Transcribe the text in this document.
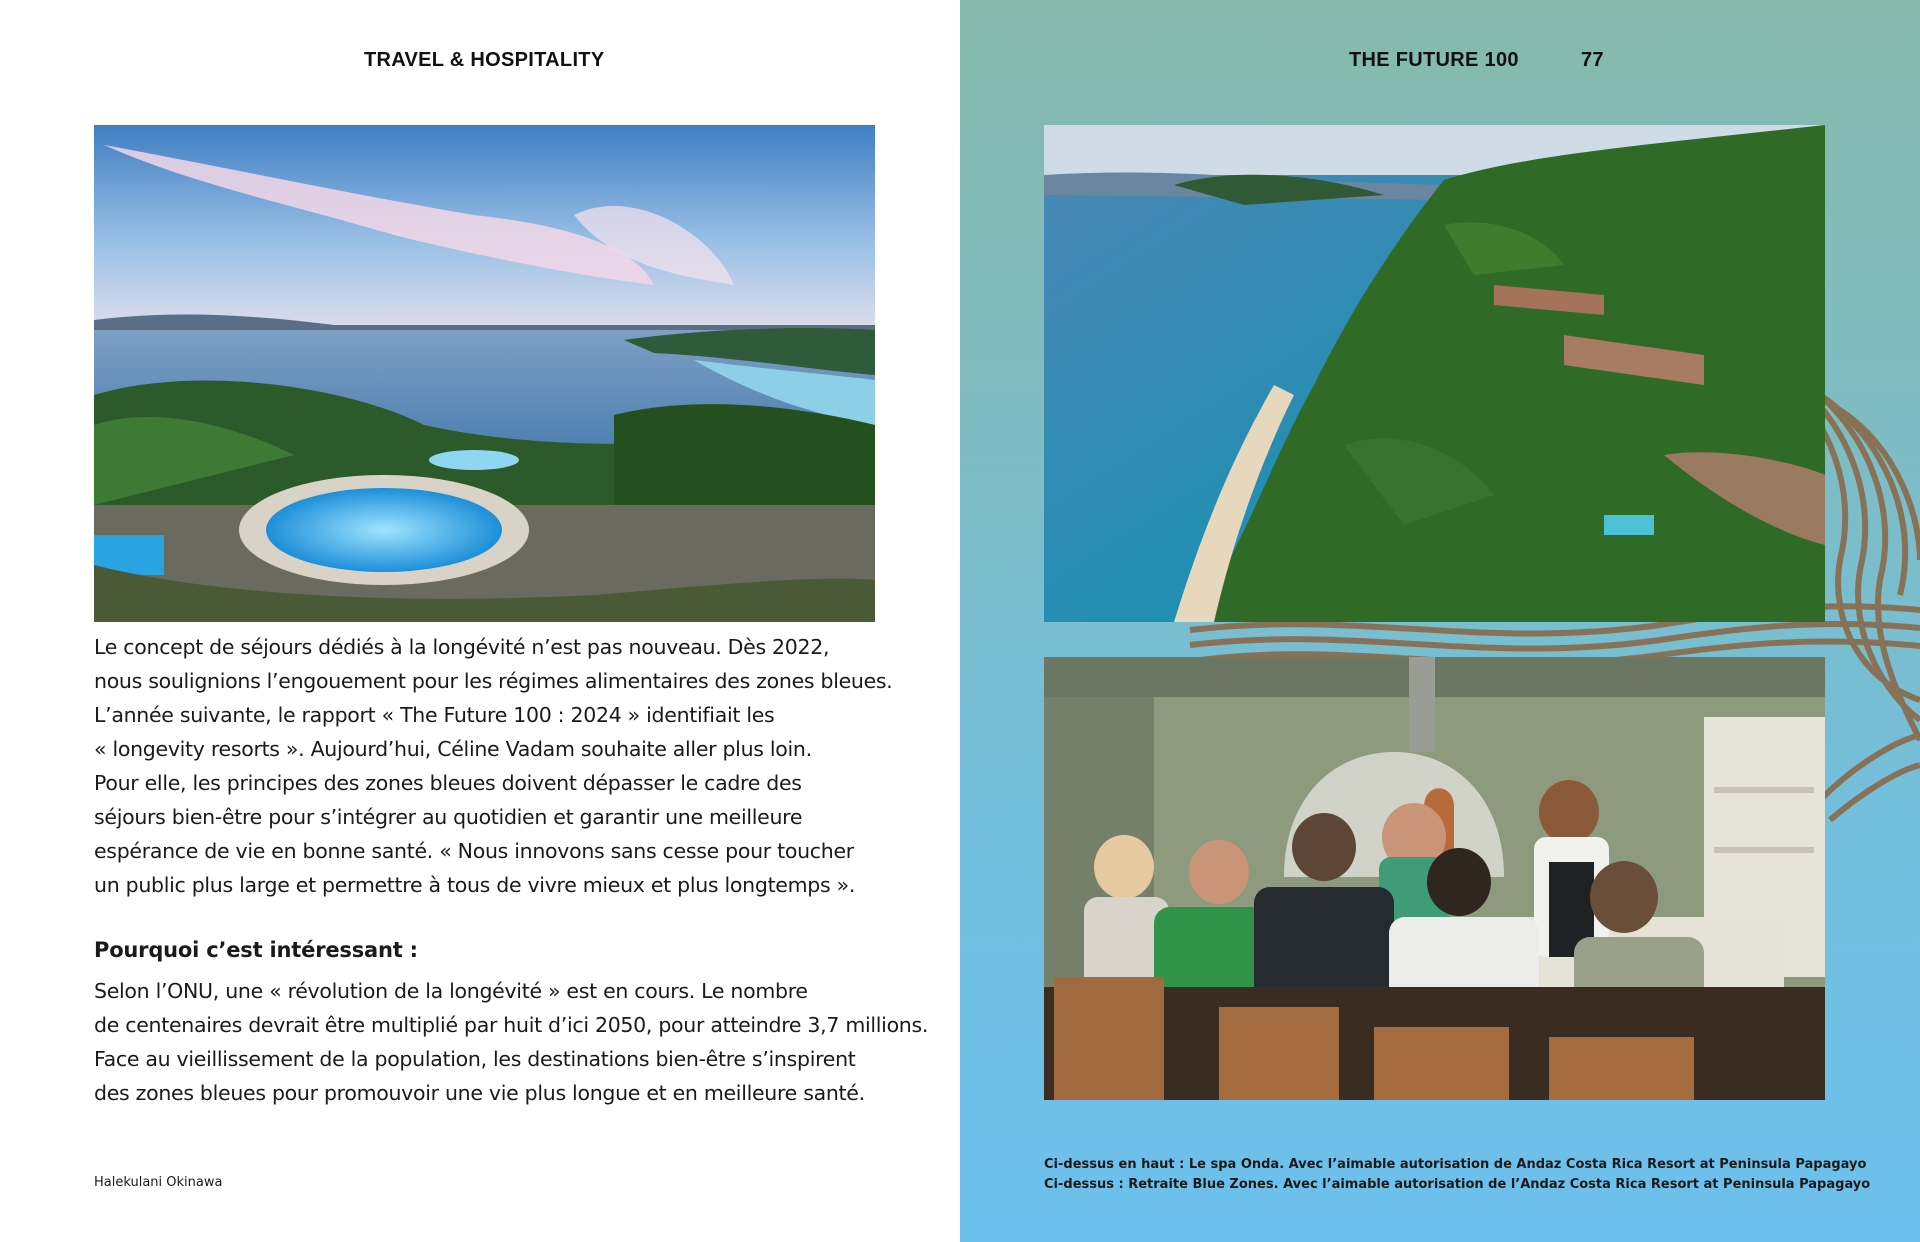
TRAVEL & HOSPITALITY
Le concept de séjours dédiés à la longévité n’est pas nouveau. Dès 2022,
nous soulignions l’engouement pour les régimes alimentaires des zones bleues.
L’année suivante, le rapport « The Future 100 : 2024 » identifiait les
« longevity resorts ». Aujourd’hui, Céline Vadam souhaite aller plus loin.
Pour elle, les principes des zones bleues doivent dépasser le cadre des
séjours bien-être pour s’intégrer au quotidien et garantir une meilleure
espérance de vie en bonne santé. « Nous innovons sans cesse pour toucher
un public plus large et permettre à tous de vivre mieux et plus longtemps ».
Pourquoi c’est intéressant :
Selon l’ONU, une « révolution de la longévité » est en cours. Le nombre
de centenaires devrait être multiplié par huit d’ici 2050, pour atteindre 3,7 millions.
Face au vieillissement de la population, les destinations bien-être s’inspirent
des zones bleues pour promouvoir une vie plus longue et en meilleure santé.
Halekulani Okinawa
THE FUTURE 100	77
Ci-dessus en haut : Le spa Onda. Avec l’aimable autorisation de Andaz Costa Rica Resort at Peninsula Papagayo
Ci-dessus : Retraite Blue Zones. Avec l’aimable autorisation de l’Andaz Costa Rica Resort at Peninsula Papagayo
